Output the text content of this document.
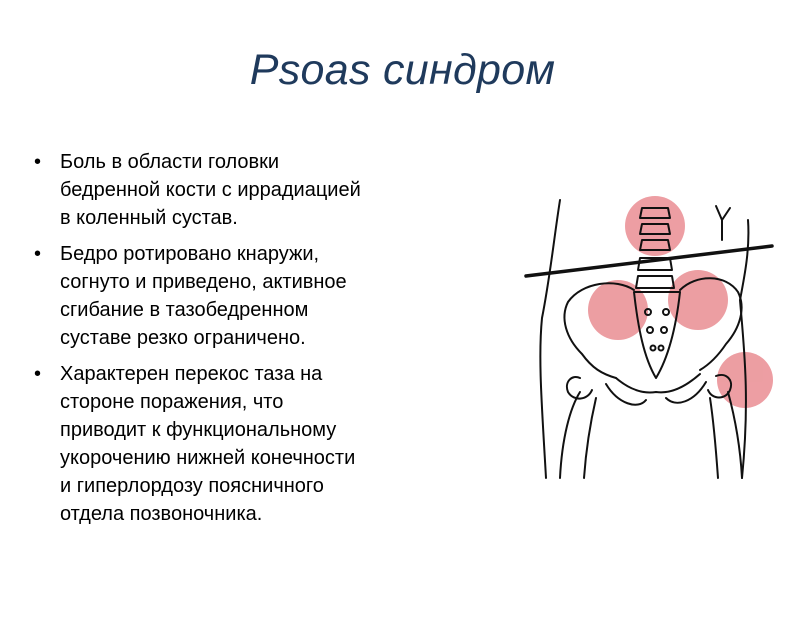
Psoas синдром
• Боль в области головки
бедренной кости с иррадиацией
в коленный сустав.
• Бедро ротировано кнаружи,
согнуто и приведено, активное
сгибание в тазобедренном
суставе резко ограничено.
• Характерен перекос таза на
стороне поражения, что
приводит к функциональному
укорочению нижней конечности
и гиперлордозу поясничного
отдела позвоночника.
